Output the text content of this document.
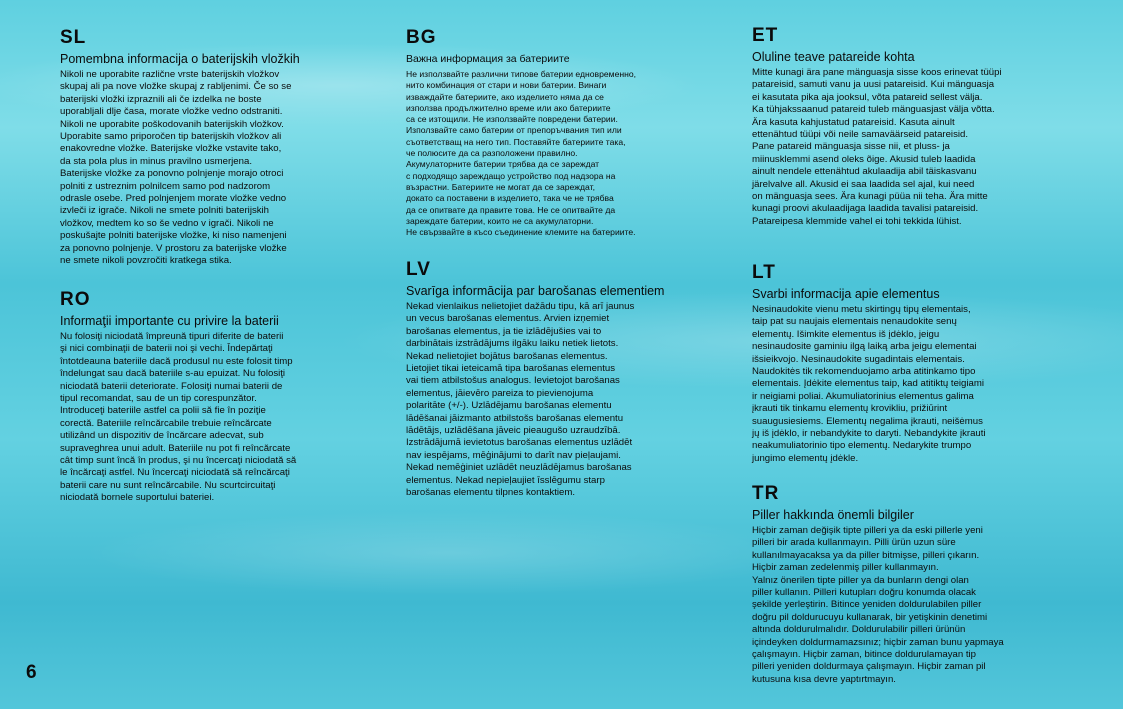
SL
Pomembna informacija o baterijskih vložkih

Nikoli ne uporabite različne vrste baterijskih vložkov
skupaj ali pa nove vložke skupaj z rabljenimi. Če so se
baterijski vložki izpraznili ali če izdelka ne boste
uporabljali dlje časa, morate vložke vedno odstraniti.
Nikoli ne uporabite poškodovanih baterijskih vložkov.
Uporabite samo priporočen tip baterijskih vložkov ali
enakovredne vložke. Baterijske vložke vstavite tako,
da sta pola plus in minus pravilno usmerjena.
Baterijske vložke za ponovno polnjenje morajo otroci
polniti z ustreznim polnilcem samo pod nadzorom
odrasle osebe. Pred polnjenjem morate vložke vedno
izvleči iz igrače. Nikoli ne smete polniti baterijskih
vložkov, medtem ko so še vedno v igrači. Nikoli ne
poskušajte polniti baterijske vložke, ki niso namenjeni
za ponovno polnjenje. V prostoru za baterijske vložke
ne smete nikoli povzročiti kratkega stika.

RO
Informaţii importante cu privire la baterii

Nu folosiţi niciodată împreună tipuri diferite de baterii
şi nici combinaţii de baterii noi şi vechi. Îndepărtaţi
întotdeauna bateriile dacă produsul nu este folosit timp
îndelungat sau dacă bateriile s-au epuizat. Nu folosiţi
niciodată baterii deteriorate. Folosiţi numai baterii de
tipul recomandat, sau de un tip corespunzător.
Introduceţi bateriile astfel ca polii să fie în poziţie
corectă. Bateriile reîncărcabile trebuie reîncărcate
utilizând un dispozitiv de încărcare adecvat, sub
supraveghrea unui adult. Bateriile nu pot fi reîncărcate
cât timp sunt încă în produs, şi nu încercaţi niciodată să
le încărcaţi astfel. Nu încercaţi niciodată să reîncărcaţi
baterii care nu sunt reîncărcabile. Nu scurtcircuitaţi
niciodată bornele suportului bateriei.

BG
Важна информация за батериите

Не използвайте различни типове батерии едновременно,
нито комбинация от стари и нови батерии. Винаги
изваждайте батериите, ако изделието няма да се
използва продължително време или ако батериите
са се изтощили. Не използвайте повредени батерии.
Използвайте само батерии от препоръчвания тип или
съответстващ на него тип. Поставяйте батериите така,
че полюсите да са разположени правилно.
Акумулаторните батерии трябва да се зареждат
с подходящо зареждащо устройство под надзора на
възрастни. Батериите не могат да се зареждат,
докато са поставени в изделието, така че не трябва
да се опитвате да правите това. Не се опитвайте да
зареждате батерии, които не са акумулаторни.
Не свързвайте в късо съединение клемите на батериите.

LV
Svarīga informācija par barošanas elementiem

Nekad vienlaikus nelietojiet dažādu tipu, kā arī jaunus
un vecus barošanas elementus. Arvien izņemiet
barošanas elementus, ja tie izlādējušies vai to
darbinātais izstrādājums ilgāku laiku netiek lietots.
Nekad nelietojiet bojātus barošanas elementus.
Lietojiet tikai ieteicamā tipa barošanas elementus
vai tiem atbilstošus analogus. Ievietojot barošanas
elementus, jāievēro pareiza to pievienojuma
polaritāte (+/-). Uzlādējamu barošanas elementu
lādēšanai jāizmanto atbilstošs barošanas elementu
lādētājs, uzlādēšana jāveic pieaugušo uzraudzībā.
Izstrādājumā ievietotus barošanas elementus uzlādēt
nav iespējams, mēģinājumi to darīt nav pieļaujami.
Nekad nemēģiniet uzlādēt neuzlādējamus barošanas
elementus. Nekad nepieļaujiet īsslēgumu starp
barošanas elementu tilpnes kontaktiem.

ET
Oluline teave patareide kohta

Mitte kunagi ära pane mänguasja sisse koos erinevat tüüpi
patareisid, samuti vanu ja uusi patareisid. Kui mänguasja
ei kasutata pika aja jooksul, võta patareid sellest välja.
Ka tühjakssaanud patareid tuleb mänguasjast välja võtta.
Ära kasuta kahjustatud patareisid. Kasuta ainult
ettenähtud tüüpi või neile samaväärseid patareisid.
Pane patareid mänguasja sisse nii, et pluss- ja
miinusklemmi asend oleks õige. Akusid tuleb laadida
ainult nendele ettenähtud akulaadija abil täiskasvanu
järelvalve all. Akusid ei saa laadida sel ajal, kui need
on mänguasja sees. Ära kunagi püüa nii teha. Ära mitte
kunagi proovi akulaadijaga laadida tavalisi patareisid.
Patareipesa klemmide vahel ei tohi tekkida lühist.

LT
Svarbi informacija apie elementus

Nesinaudokite vienu metu skirtingų tipų elementais,
taip pat su naujais elementais nenaudokite senų
elementų. Išimkite elementus iš įdėklo, jeigu
nesinaudosite gaminiu ilgą laiką arba jeigu elementai
išsieikvojo. Nesinaudokite sugadintais elementais.
Naudokitės tik rekomenduojamo arba atitinkamo tipo
elementais. Įdėkite elementus taip, kad atitiktų teigiami
ir neigiami poliai. Akumuliatorinius elementus galima
įkrauti tik tinkamu elementų krovikliu, prižiūrint
suaugusiesiems. Elementų negalima įkrauti, neišėmus
jų iš įdėklo, ir nebandykite to daryti. Nebandykite įkrauti
neakumuliatorinio tipo elementų. Nedarykite trumpo
jungimo elementų įdėkle.

TR
Piller hakkında önemli bilgiler

Hiçbir zaman değişik tipte pilleri ya da eski pillerle yeni
pilleri bir arada kullanmayın. Pilli ürün uzun süre
kullanılmayacaksa ya da piller bitmişse, pilleri çıkarın.
Hiçbir zaman zedelenmiş piller kullanmayın.
Yalnız önerilen tipte piller ya da bunların dengi olan
piller kullanın. Pilleri kutupları doğru konumda olacak
şekilde yerleştirin. Bitince yeniden doldurulabilen piller
doğru pil doldurucuyu kullanarak, bir yetişkinin denetimi
altında doldurulmalıdır. Doldurulabilir pilleri ürünün
içindeyken doldurmamazsınız; hiçbir zaman bunu yapmaya
çalışmayın. Hiçbir zaman, bitince doldurulamayan tip
pilleri yeniden doldurmaya çalışmayın. Hiçbir zaman pil
kutusuna kısa devre yaptırtmayın.

6
